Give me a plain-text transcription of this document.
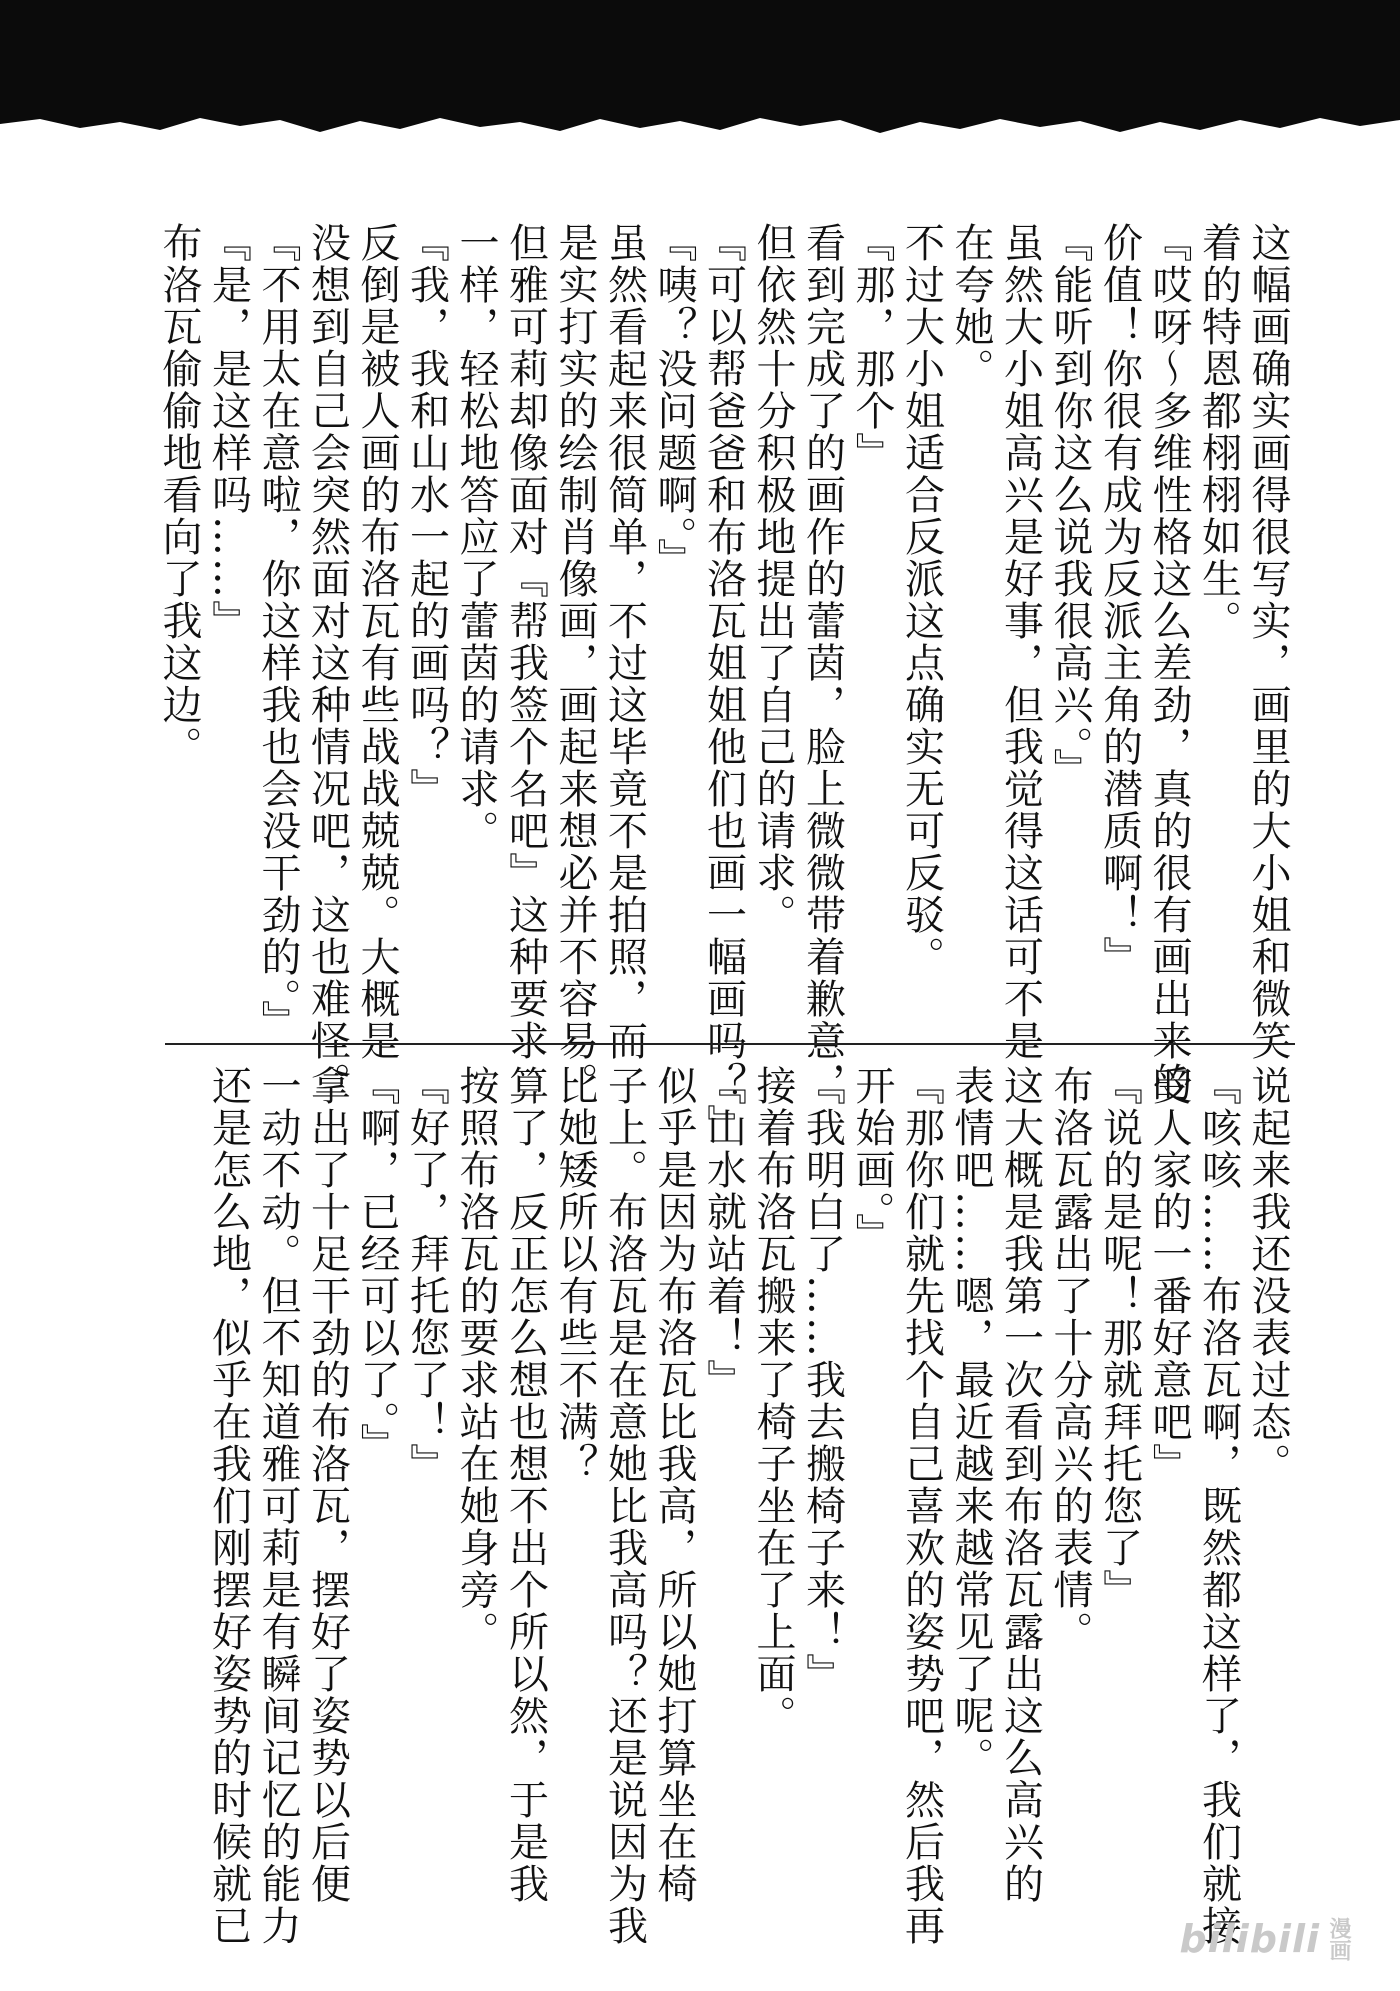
这幅画确实画得很写实，画里的大小姐和微笑
着的特恩都栩栩如生。
『哎呀～多维性格这么差劲，真的很有画出来的
价值！你很有成为反派主角的潜质啊！』
『能听到你这么说我很高兴。』
虽然大小姐高兴是好事，但我觉得这话可不是
在夸她。
不过大小姐适合反派这点确实无可反驳。
『那，那个』
看到完成了的画作的蕾茵，脸上微微带着歉意，
但依然十分积极地提出了自己的请求。
『可以帮爸爸和布洛瓦姐姐他们也画一幅画吗？』
『咦？没问题啊。』
虽然看起来很简单，不过这毕竟不是拍照，而
是实打实的绘制肖像画，画起来想必并不容易。
但雅可莉却像面对『帮我签个名吧』这种要求
一样，轻松地答应了蕾茵的请求。
『我，我和山水一起的画吗？』
反倒是被人画的布洛瓦有些战战兢兢。大概是
没想到自己会突然面对这种情况吧，这也难怪。
『不用太在意啦，你这样我也会没干劲的。』
『是，是这样吗……』
布洛瓦偷偷地看向了我这边。
说起来我还没表过态。
『咳咳……布洛瓦啊，既然都这样了，我们就接
受人家的一番好意吧』
『说的是呢！那就拜托您了』
布洛瓦露出了十分高兴的表情。
这大概是我第一次看到布洛瓦露出这么高兴的
表情吧……嗯，最近越来越常见了呢。
『那你们就先找个自己喜欢的姿势吧，然后我再
开始画。』
『我明白了……我去搬椅子来！』
接着布洛瓦搬来了椅子坐在了上面。
『山水就站着！』
似乎是因为布洛瓦比我高，所以她打算坐在椅
子上。布洛瓦是在意她比我高吗？还是说因为我
比她矮所以有些不满？
算了，反正怎么想也想不出个所以然，于是我
按照布洛瓦的要求站在她身旁。
『好了，拜托您了！』
『啊，已经可以了。』
拿出了十足干劲的布洛瓦，摆好了姿势以后便
一动不动。但不知道雅可莉是有瞬间记忆的能力
还是怎么地，似乎在我们刚摆好姿势的时候就已	bilibili 漫画
